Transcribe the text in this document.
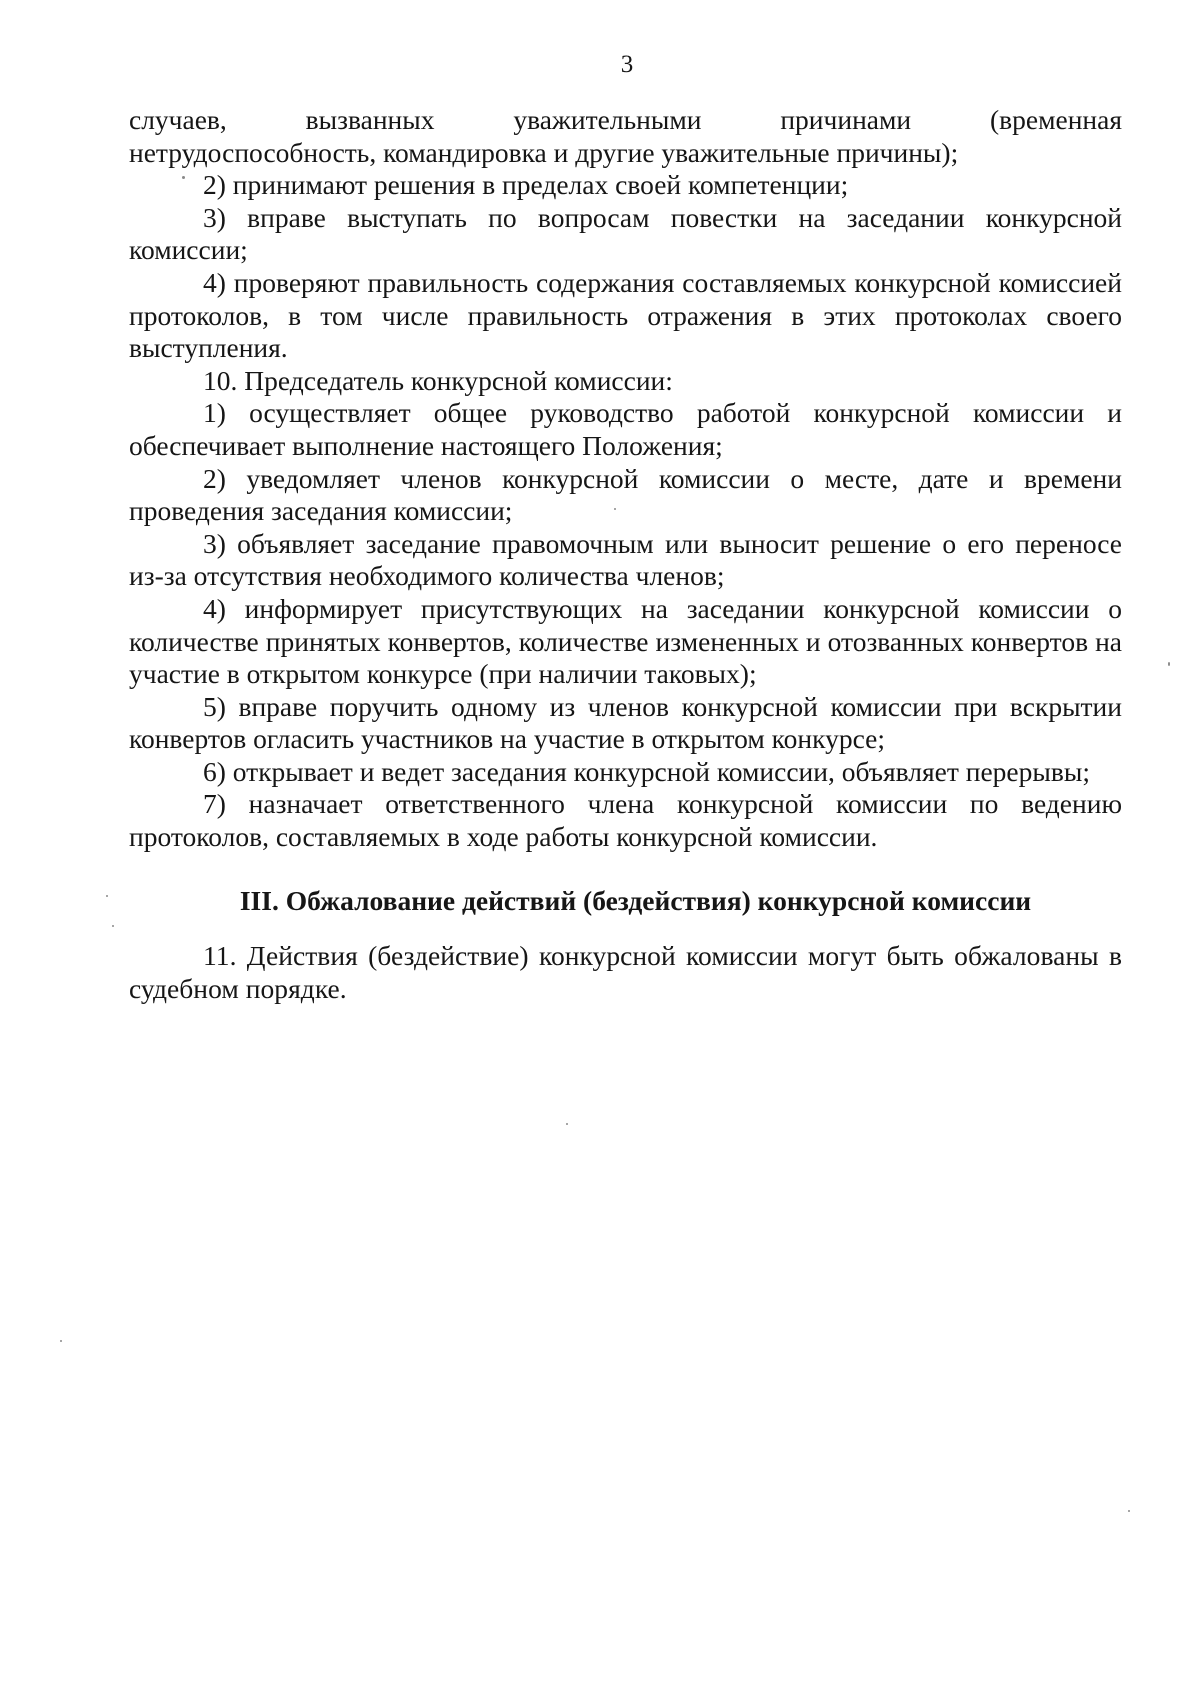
3

случаев, вызванных уважительными причинами (временная
нетрудоспособность, командировка и другие уважительные причины);

2) принимают решения в пределах своей компетенции;

3) вправе выступать по вопросам повестки на заседании конкурсной комиссии;

4) проверяют правильность содержания составляемых конкурсной комиссией протоколов, в том числе правильность отражения в этих протоколах своего выступления.

10. Председатель конкурсной комиссии:

1) осуществляет общее руководство работой конкурсной комиссии и обеспечивает выполнение настоящего Положения;

2) уведомляет членов конкурсной комиссии о месте, дате и времени проведения заседания комиссии;

3) объявляет заседание правомочным или выносит решение о его переносе из-за отсутствия необходимого количества членов;

4) информирует присутствующих на заседании конкурсной комиссии о количестве принятых конвертов, количестве измененных и отозванных конвертов на участие в открытом конкурсе (при наличии таковых);

5) вправе поручить одному из членов конкурсной комиссии при вскрытии конвертов огласить участников на участие в открытом конкурсе;

6) открывает и ведет заседания конкурсной комиссии, объявляет перерывы;

7) назначает ответственного члена конкурсной комиссии по ведению протоколов, составляемых в ходе работы конкурсной комиссии.

III. Обжалование действий (бездействия) конкурсной комиссии

11. Действия (бездействие) конкурсной комиссии могут быть обжалованы в судебном порядке.
